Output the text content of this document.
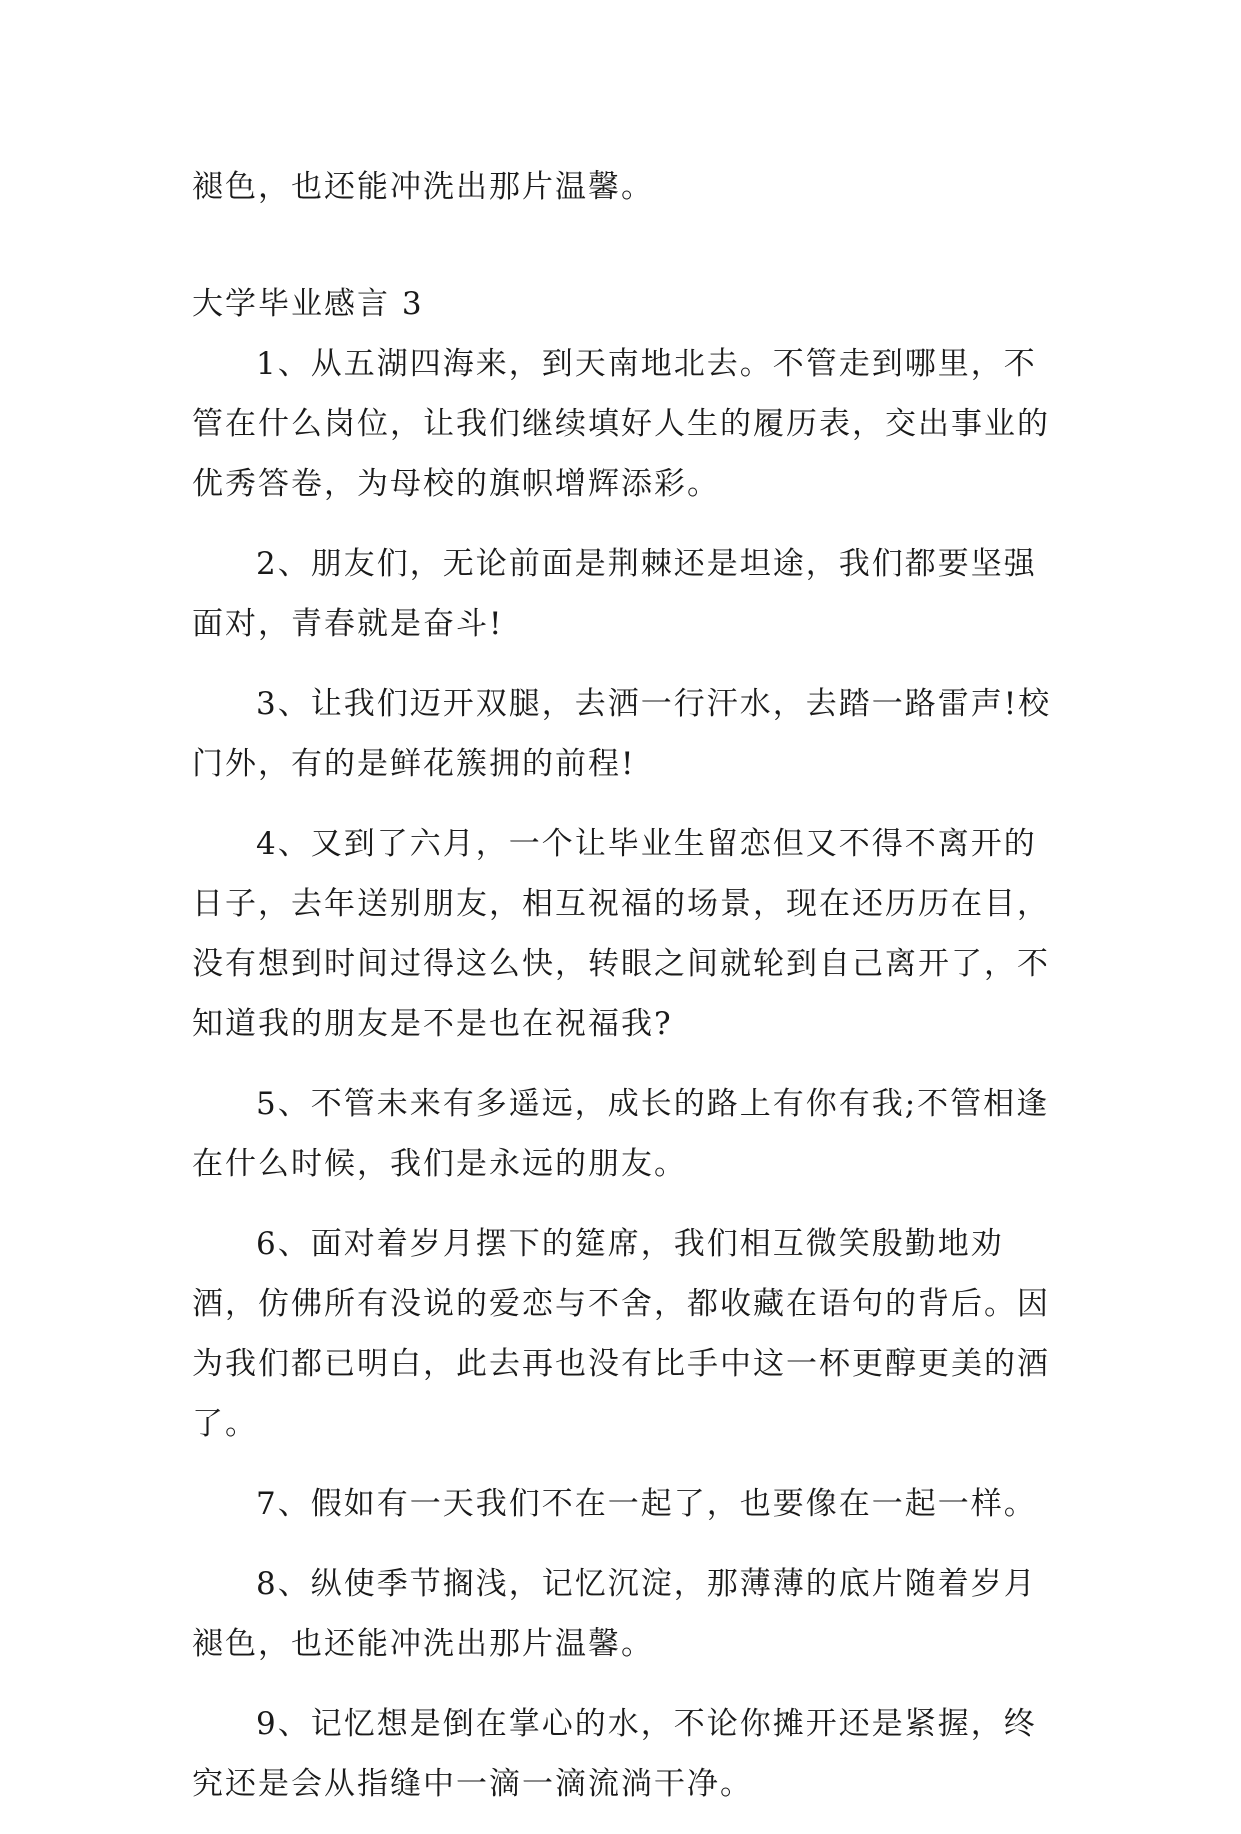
褪色，也还能冲洗出那片温馨。
大学毕业感言 3

1、从五湖四海来，到天南地北去。不管走到哪里，不管在什么岗位，让我们继续填好人生的履历表，交出事业的优秀答卷，为母校的旗帜增辉添彩。

2、朋友们，无论前面是荆棘还是坦途，我们都要坚强面对，青春就是奋斗!

3、让我们迈开双腿，去洒一行汗水，去踏一路雷声!校门外，有的是鲜花簇拥的前程!

4、又到了六月，一个让毕业生留恋但又不得不离开的日子，去年送别朋友，相互祝福的场景，现在还历历在目，没有想到时间过得这么快，转眼之间就轮到自己离开了，不知道我的朋友是不是也在祝福我?

5、不管未来有多遥远，成长的路上有你有我;不管相逢在什么时候，我们是永远的朋友。

6、面对着岁月摆下的筵席，我们相互微笑殷勤地劝酒，仿佛所有没说的爱恋与不舍，都收藏在语句的背后。因为我们都已明白，此去再也没有比手中这一杯更醇更美的酒了。

7、假如有一天我们不在一起了，也要像在一起一样。

8、纵使季节搁浅，记忆沉淀，那薄薄的底片随着岁月褪色，也还能冲洗出那片温馨。

9、记忆想是倒在掌心的水，不论你摊开还是紧握，终究还是会从指缝中一滴一滴流淌干净。
